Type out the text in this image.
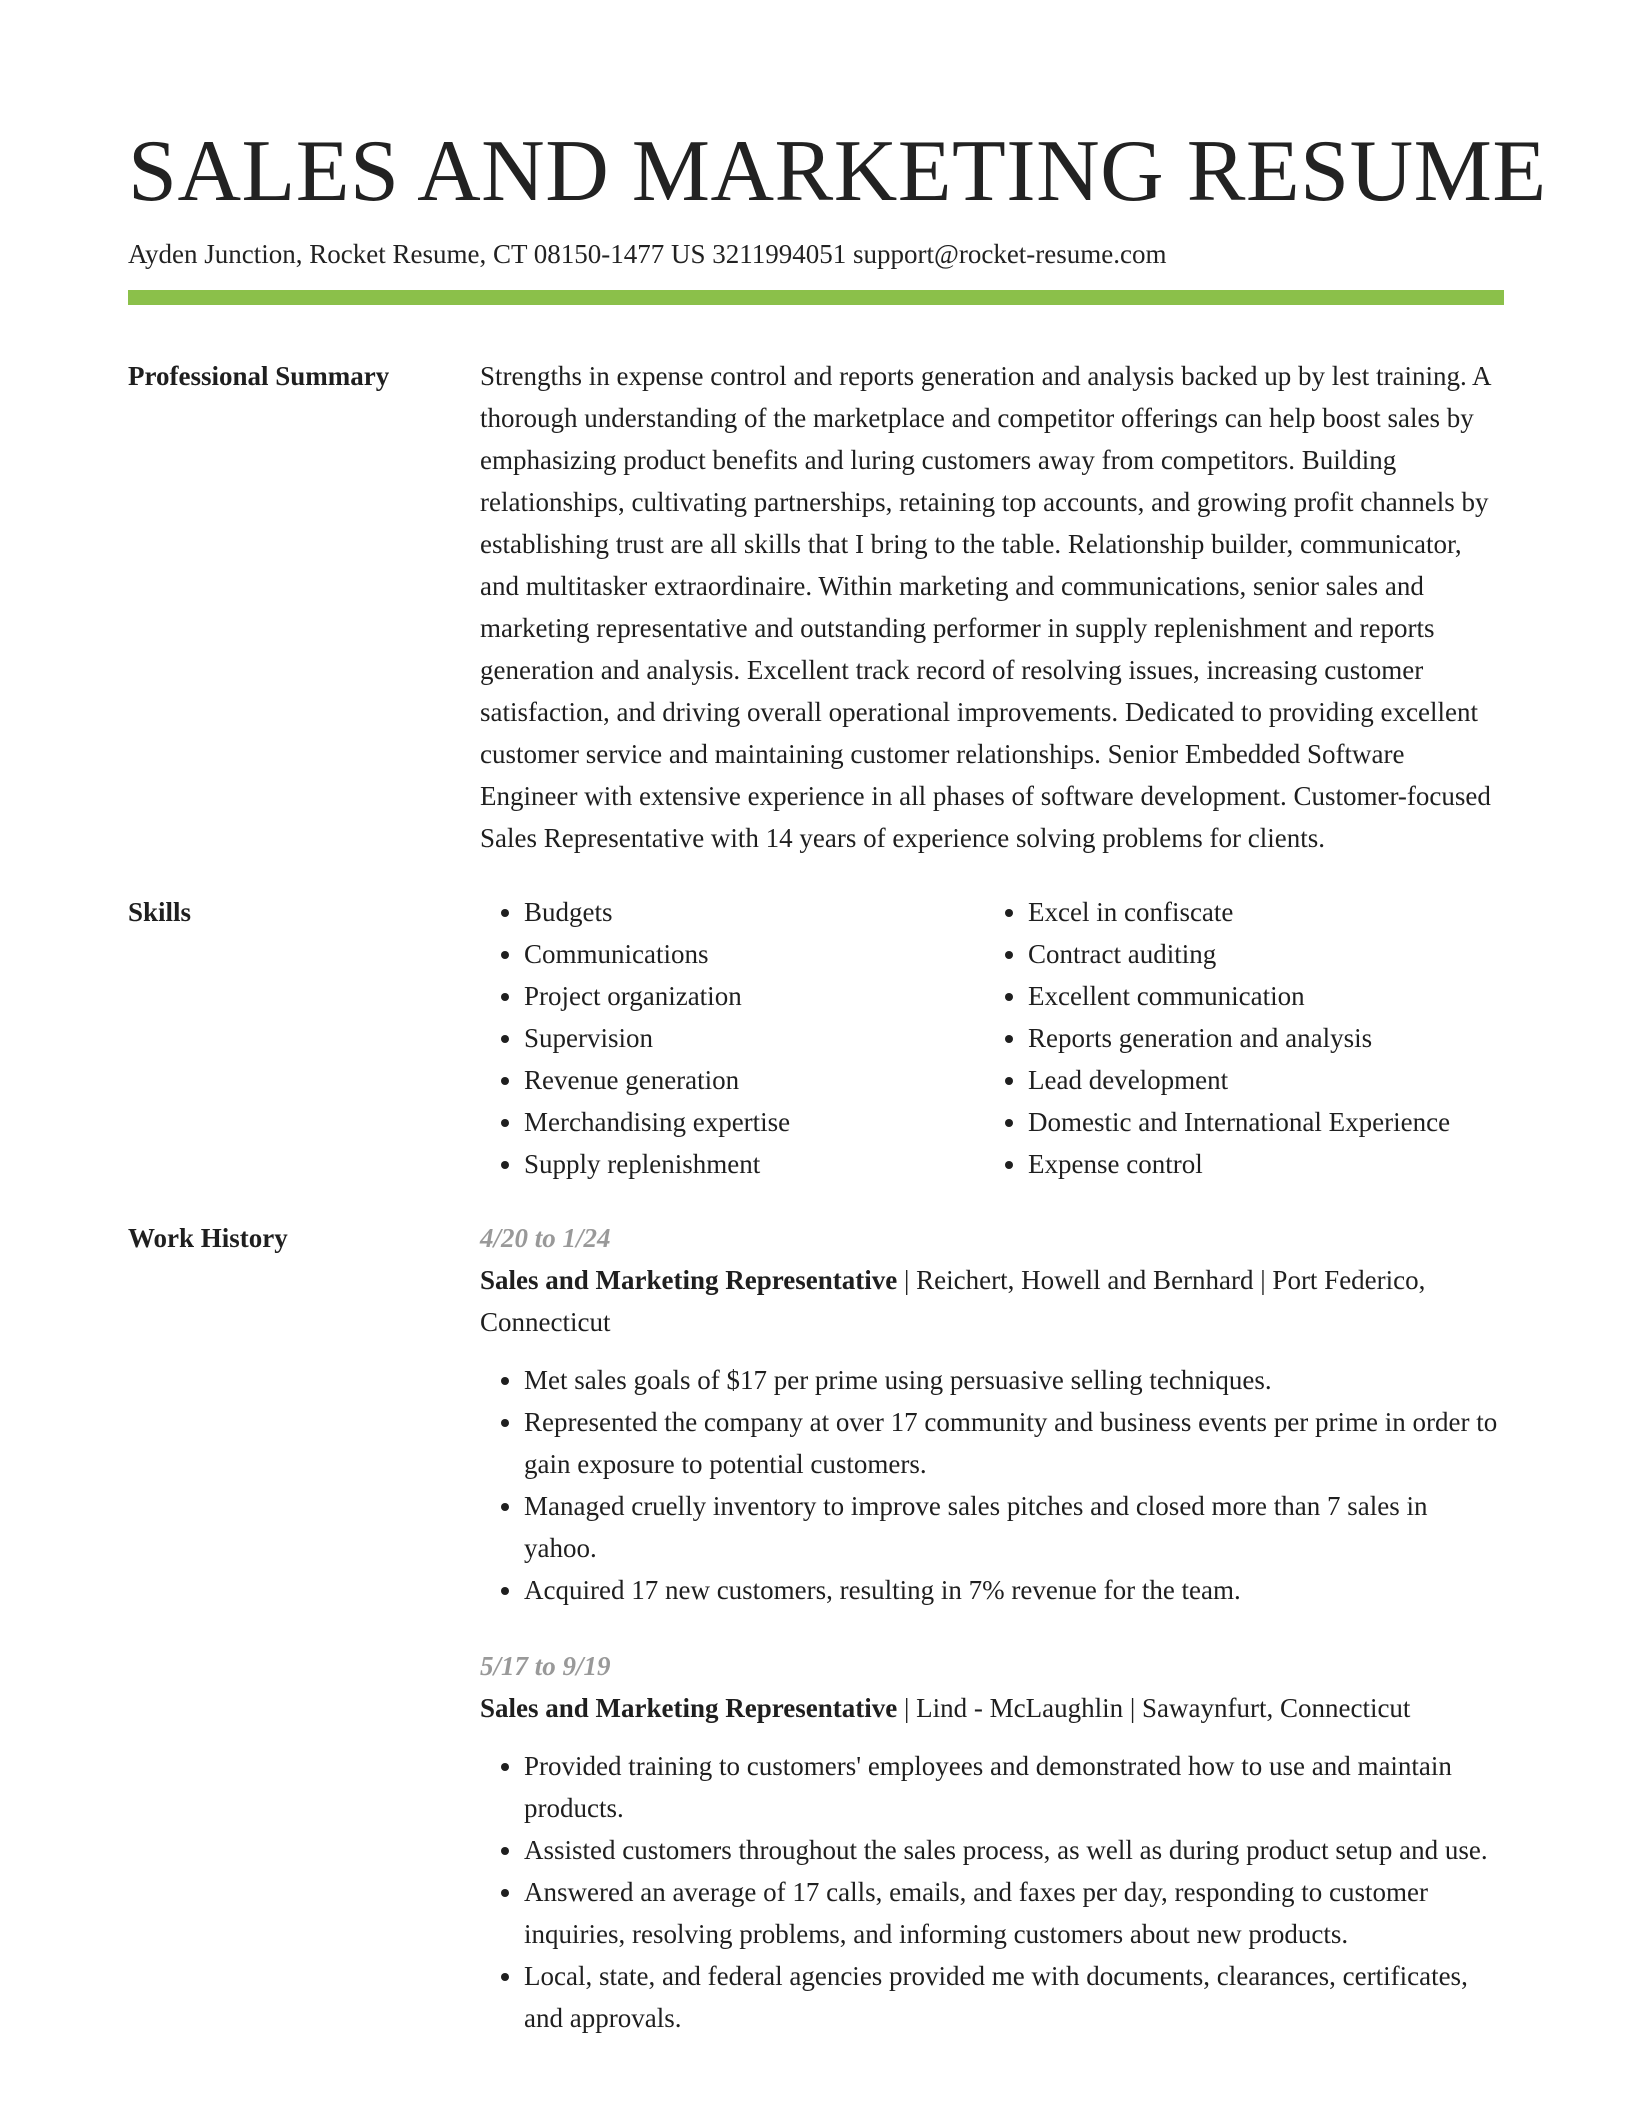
SALES AND MARKETING RESUME
Ayden Junction, Rocket Resume, CT 08150-1477 US 3211994051 support@rocket-resume.com
Professional Summary	Strengths in expense control and reports generation and analysis backed up by lest training. A thorough understanding of the marketplace and competitor offerings can help boost sales by emphasizing product benefits and luring customers away from competitors. Building relationships, cultivating partnerships, retaining top accounts, and growing profit channels by establishing trust are all skills that I bring to the table. Relationship builder, communicator, and multitasker extraordinaire. Within marketing and communications, senior sales and marketing representative and outstanding performer in supply replenishment and reports generation and analysis. Excellent track record of resolving issues, increasing customer satisfaction, and driving overall operational improvements. Dedicated to providing excellent customer service and maintaining customer relationships. Senior Embedded Software Engineer with extensive experience in all phases of software development. Customer-focused Sales Representative with 14 years of experience solving problems for clients.
Skills
•	Budgets
• Communications
• Project organization
• Supervision
• Revenue generation
• Merchandising expertise
• Supply replenishment
• Excel in confiscate
• Contract auditing
• Excellent communication
• Reports generation and analysis
• Lead development
• Domestic and International Experience
• Expense control
Work History	4/20 to 1/24
Sales and Marketing Representative | Reichert, Howell and Bernhard | Port Federico, Connecticut
• Met sales goals of $17 per prime using persuasive selling techniques.
• Represented the company at over 17 community and business events per prime in order to gain exposure to potential customers.
• Managed cruelly inventory to improve sales pitches and closed more than 7 sales in yahoo.
• Acquired 17 new customers, resulting in 7% revenue for the team.
5/17 to 9/19
Sales and Marketing Representative | Lind - McLaughlin | Sawaynfurt, Connecticut
• Provided training to customers' employees and demonstrated how to use and maintain products.
• Assisted customers throughout the sales process, as well as during product setup and use.
• Answered an average of 17 calls, emails, and faxes per day, responding to customer inquiries, resolving problems, and informing customers about new products.
• Local, state, and federal agencies provided me with documents, clearances, certificates, and approvals.
